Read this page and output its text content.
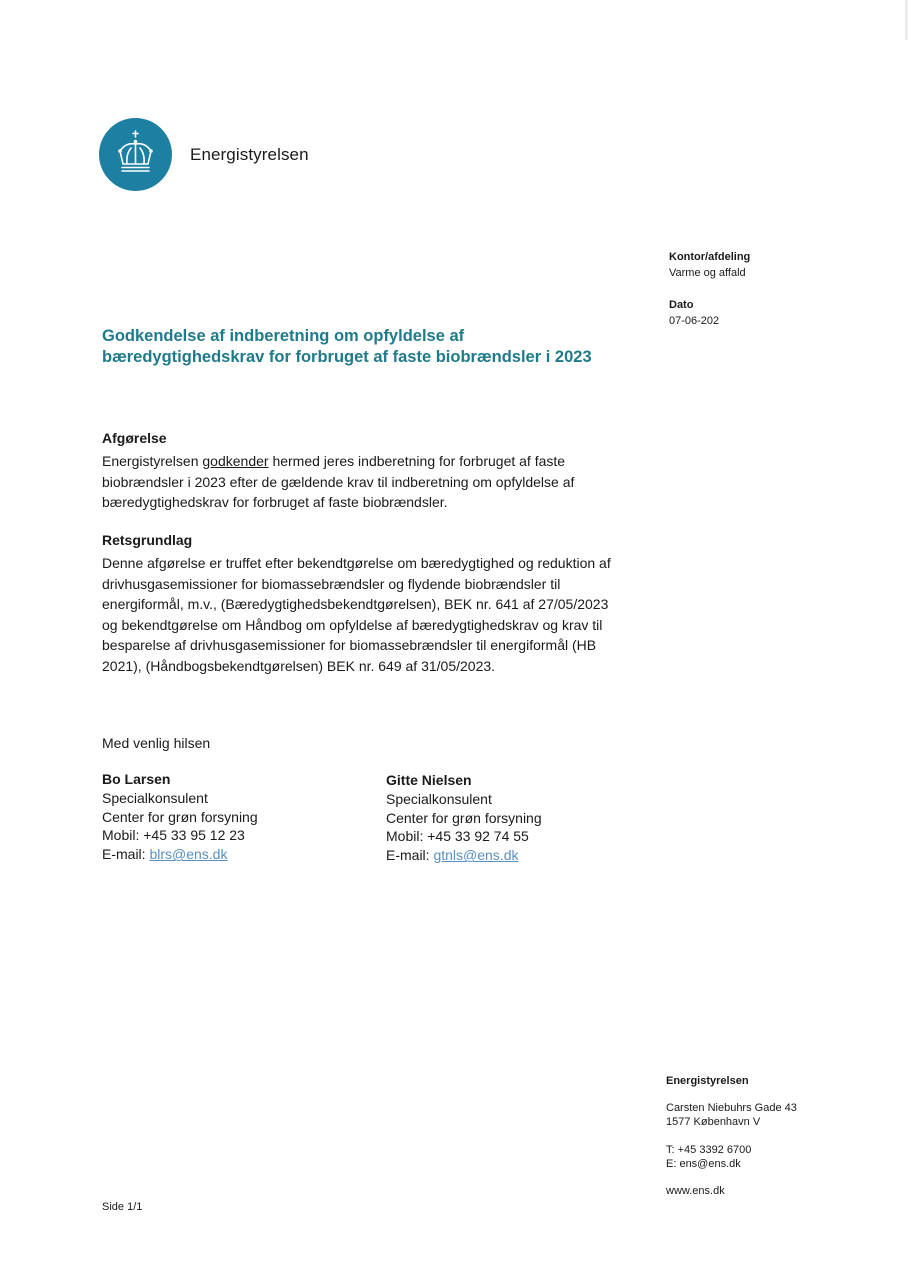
Energistyrelsen
Kontor/afdeling
Varme og affald
Dato
07-06-202
Godkendelse af indberetning om opfyldelse af
bæredygtighedskrav for forbruget af faste biobrændsler i 2023
Afgørelse
Energistyrelsen godkender hermed jeres indberetning for forbruget af faste
biobrændsler i 2023 efter de gældende krav til indberetning om opfyldelse af
bæredygtighedskrav for forbruget af faste biobrændsler.
Retsgrundlag
Denne afgørelse er truffet efter bekendtgørelse om bæredygtighed og reduktion af
drivhusgasemissioner for biomassebrændsler og flydende biobrændsler til
energiformål, m.v., (Bæredygtighedsbekendtgørelsen), BEK nr. 641 af 27/05/2023
og bekendtgørelse om Håndbog om opfyldelse af bæredygtighedskrav og krav til
besparelse af drivhusgasemissioner for biomassebrændsler til energiformål (HB
2021), (Håndbogsbekendtgørelsen) BEK nr. 649 af 31/05/2023.
Med venlig hilsen
Bo Larsen
Specialkonsulent
Center for grøn forsyning
Mobil: +45 33 95 12 23
E-mail: blrs@ens.dk
Gitte Nielsen
Specialkonsulent
Center for grøn forsyning
Mobil: +45 33 92 74 55
E-mail: gtnls@ens.dk
Energistyrelsen
Carsten Niebuhrs Gade 43
1577 København V
T: +45 3392 6700
E: ens@ens.dk
www.ens.dk
Side 1/1
